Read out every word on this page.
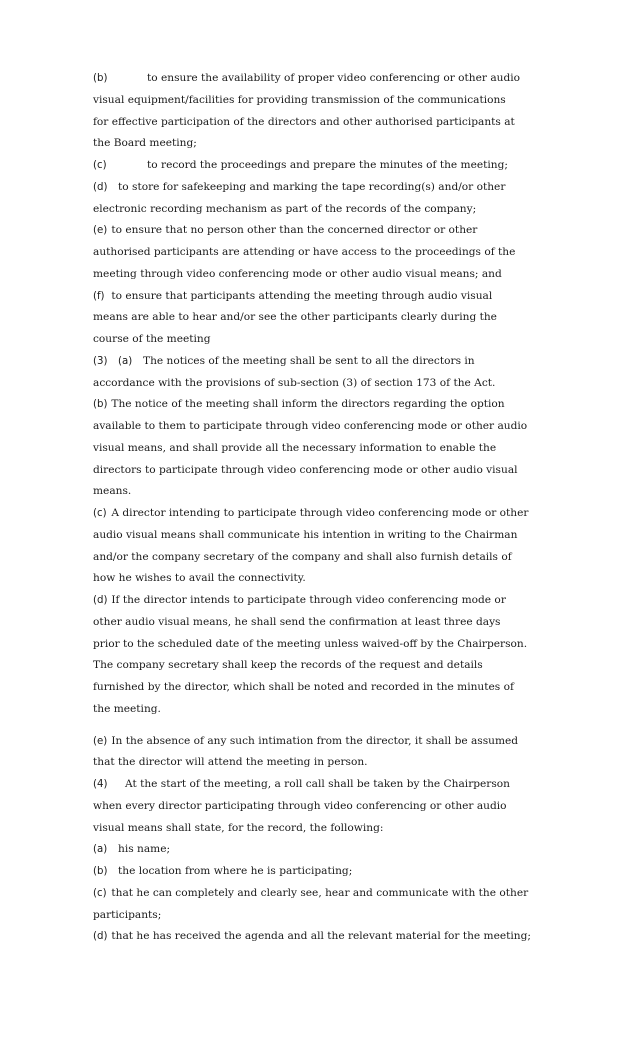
(b)	to ensure the availability of proper video conferencing or other audio
visual equipment/facilities for providing transmission of the communications
for effective participation of the directors and other authorised participants at
the Board meeting;
(c)	to record the proceedings and prepare the minutes of the meeting;
(d) to store for safekeeping and marking the tape recording(s) and/or other
electronic recording mechanism as part of the records of the company;
(e) to ensure that no person other than the concerned director or other
authorised participants are attending or have access to the proceedings of the
meeting through video conferencing mode or other audio visual means; and
(f) to ensure that participants attending the meeting through audio visual
means are able to hear and/or see the other participants clearly during the
course of the meeting
(3) (a) The notices of the meeting shall be sent to all the directors in
accordance with the provisions of sub-section (3) of section 173 of the Act.
(b) The notice of the meeting shall inform the directors regarding the option
available to them to participate through video conferencing mode or other audio
visual means, and shall provide all the necessary information to enable the
directors to participate through video conferencing mode or other audio visual
means.
(c) A director intending to participate through video conferencing mode or other
audio visual means shall communicate his intention in writing to the Chairman
and/or the company secretary of the company and shall also furnish details of
how he wishes to avail the connectivity.
(d) If the director intends to participate through video conferencing mode or
other audio visual means, he shall send the confirmation at least three days
prior to the scheduled date of the meeting unless waived-off by the Chairperson.
The company secretary shall keep the records of the request and details
furnished by the director, which shall be noted and recorded in the minutes of
the meeting.
(e) In the absence of any such intimation from the director, it shall be assumed
that the director will attend the meeting in person.
(4) At the start of the meeting, a roll call shall be taken by the Chairperson
when every director participating through video conferencing or other audio
visual means shall state, for the record, the following:
(a) his name;
(b) the location from where he is participating;
(c) that he can completely and clearly see, hear and communicate with the other
participants;
(d) that he has received the agenda and all the relevant material for the meeting;
